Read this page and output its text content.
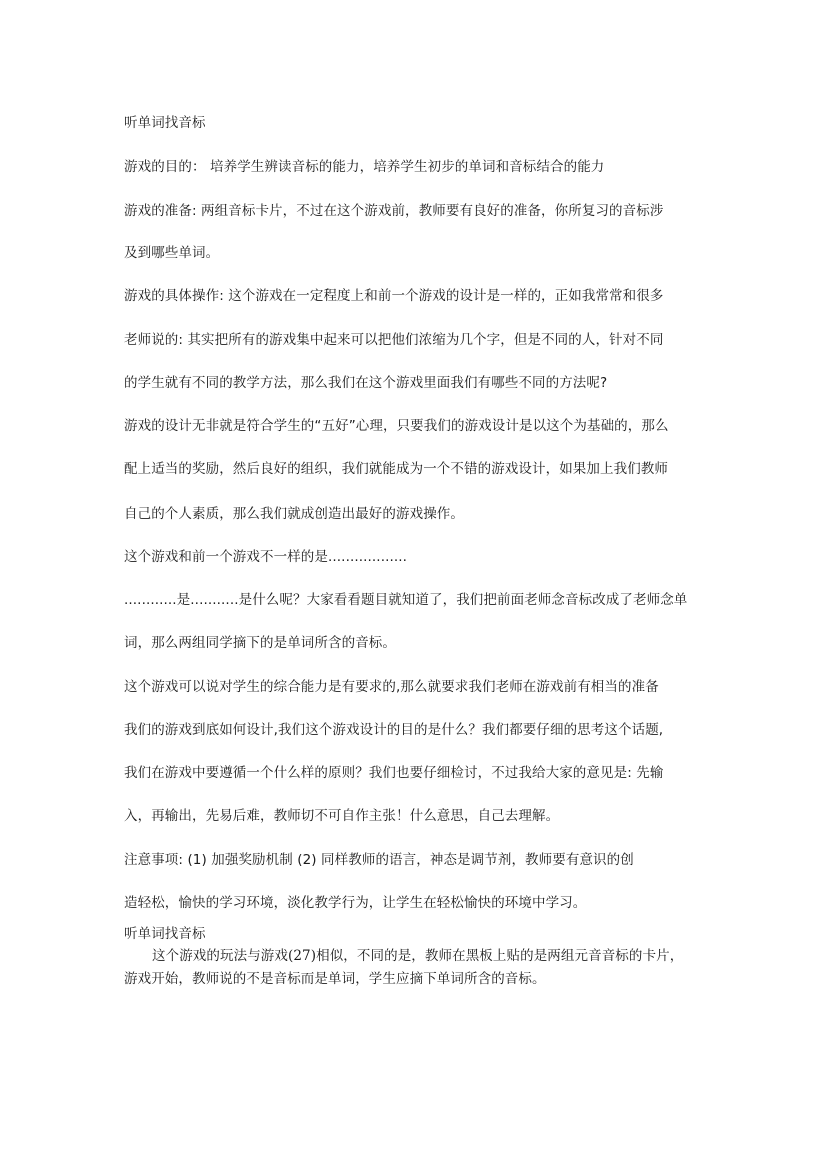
听单词找音标
游戏的目的： 培养学生辨读音标的能力，培养学生初步的单词和音标结合的能力
游戏的准备: 两组音标卡片，不过在这个游戏前，教师要有良好的准备，你所复习的音标涉
及到哪些单词。
游戏的具体操作: 这个游戏在一定程度上和前一个游戏的设计是一样的，正如我常常和很多
老师说的: 其实把所有的游戏集中起来可以把他们浓缩为几个字，但是不同的人，针对不同
的学生就有不同的教学方法，那么我们在这个游戏里面我们有哪些不同的方法呢?
游戏的设计无非就是符合学生的“五好”心理，只要我们的游戏设计是以这个为基础的，那么
配上适当的奖励，然后良好的组织，我们就能成为一个不错的游戏设计，如果加上我们教师
自己的个人素质，那么我们就成创造出最好的游戏操作。
这个游戏和前一个游戏不一样的是..................
............是...........是什么呢？大家看看题目就知道了，我们把前面老师念音标改成了老师念单
词，那么两组同学摘下的是单词所含的音标。
这个游戏可以说对学生的综合能力是有要求的,那么就要求我们老师在游戏前有相当的准备
我们的游戏到底如何设计,我们这个游戏设计的目的是什么？我们都要仔细的思考这个话题,
我们在游戏中要遵循一个什么样的原则？我们也要仔细检讨，不过我给大家的意见是: 先输
入，再输出，先易后难，教师切不可自作主张！什么意思，自己去理解。
注意事项: (1) 加强奖励机制 (2) 同样教师的语言，神态是调节剂，教师要有意识的创
造轻松，愉快的学习环境，淡化教学行为，让学生在轻松愉快的环境中学习。
听单词找音标
这个游戏的玩法与游戏(27)相似，不同的是，教师在黑板上贴的是两组元音音标的卡片，
游戏开始，教师说的不是音标而是单词，学生应摘下单词所含的音标。
